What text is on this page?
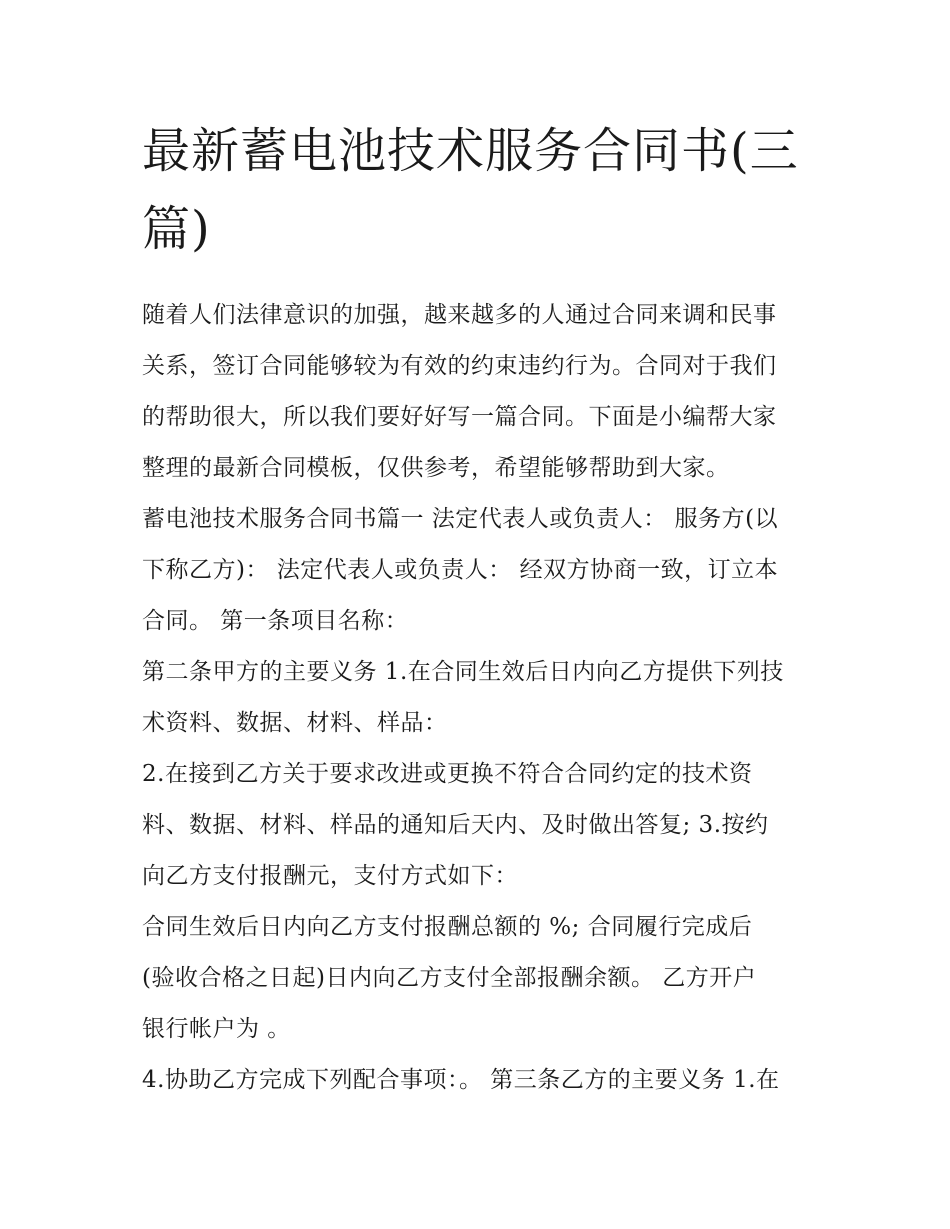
最新蓄电池技术服务合同书(三
篇)

随着人们法律意识的加强，越来越多的人通过合同来调和民事
关系，签订合同能够较为有效的约束违约行为。合同对于我们
的帮助很大，所以我们要好好写一篇合同。下面是小编帮大家
整理的最新合同模板，仅供参考，希望能够帮助到大家。

蓄电池技术服务合同书篇一 法定代表人或负责人： 服务方(以
下称乙方)： 法定代表人或负责人： 经双方协商一致，订立本
合同。 第一条项目名称：

第二条甲方的主要义务 1.在合同生效后日内向乙方提供下列技
术资料、数据、材料、样品：

2.在接到乙方关于要求改进或更换不符合合同约定的技术资
料、数据、材料、样品的通知后天内、及时做出答复; 3.按约
向乙方支付报酬元，支付方式如下：

合同生效后日内向乙方支付报酬总额的 %; 合同履行完成后
(验收合格之日起)日内向乙方支付全部报酬余额。 乙方开户
银行帐户为 。

4.协助乙方完成下列配合事项：。 第三条乙方的主要义务 1.在
